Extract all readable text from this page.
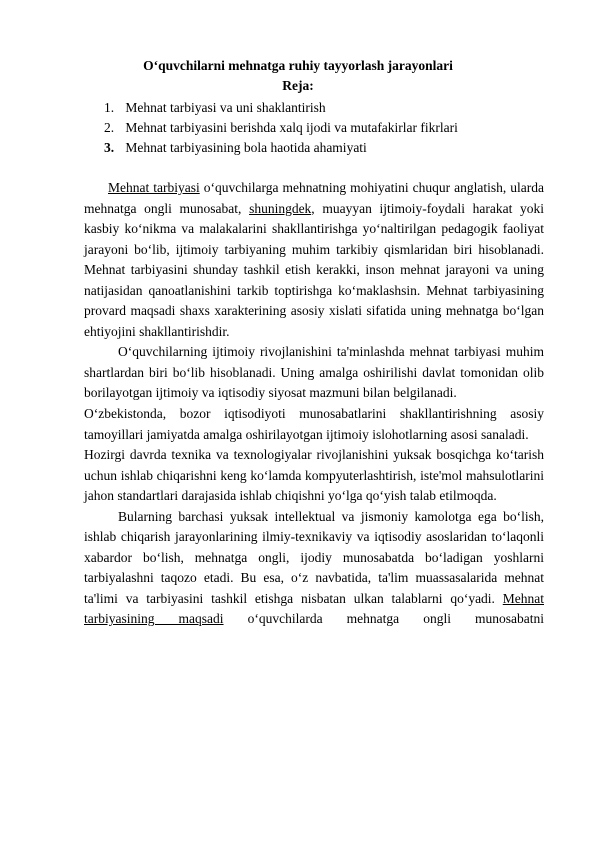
O‘quvchilarni mehnatga ruhiy tayyorlash jarayonlari
Reja:
1. Mehnat tarbiyasi va uni shaklantirish
2. Mehnat tarbiyasini berishda xalq ijodi va mutafakirlar fikrlari
3. Mehnat tarbiyasining bola haotida ahamiyati

Mehnat tarbiyasi o‘quvchilarga mehnatning mohiyatini chuqur anglatish, ularda mehnatga ongli munosabat, shuningdek, muayyan ijtimoiy-foydali harakat yoki kasbiy ko‘nikma va malakalarini shakllantirishga yo‘naltirilgan pedagogik faoliyat jarayoni bo‘lib, ijtimoiy tarbiyaning muhim tarkibiy qismlaridan biri hisoblanadi. Mehnat tarbiyasini shunday tashkil etish kerakki, inson mehnat jarayoni va uning natijasidan qanoatlanishini tarkib toptirishga ko‘maklashsin. Mehnat tarbiyasining provard maqsadi shaxs xarakterining asosiy xislati sifatida uning mehnatga bo‘lgan ehtiyojini shakllantirishdir.

O‘quvchilarning ijtimoiy rivojlanishini ta'minlashda mehnat tarbiyasi muhim shartlardan biri bo‘lib hisoblanadi. Uning amalga oshirilishi davlat tomonidan olib borilayotgan ijtimoiy va iqtisodiy siyosat mazmuni bilan belgilanadi.

O‘zbekistonda, bozor iqtisodiyoti munosabatlarini shakllantirishning asosiy tamoyillari jamiyatda amalga oshirilayotgan ijtimoiy islohotlarning asosi sanaladi.

Hozirgi davrda texnika va texnologiyalar rivojlanishini yuksak bosqichga ko‘tarish uchun ishlab chiqarishni keng ko‘lamda kompyuterlashtirish, iste'mol mahsulotlarini jahon standartlari darajasida ishlab chiqishni yo‘lga qo‘yish talab etilmoqda.

Bularning barchasi yuksak intellektual va jismoniy kamolotga ega bo‘lish, ishlab chiqarish jarayonlarining ilmiy-texnikaviy va iqtisodiy asoslaridan to‘laqonli xabardor bo‘lish, mehnatga ongli, ijodiy munosabatda bo‘ladigan yoshlarni tarbiyalashni taqozo etadi. Bu esa, o‘z navbatida, ta'lim muassasalarida mehnat ta'limi va tarbiyasini tashkil etishga nisbatan ulkan talablarni qo‘yadi. Mehnat tarbiyasining maqsadi o‘quvchilarda mehnatga ongli munosabatni
